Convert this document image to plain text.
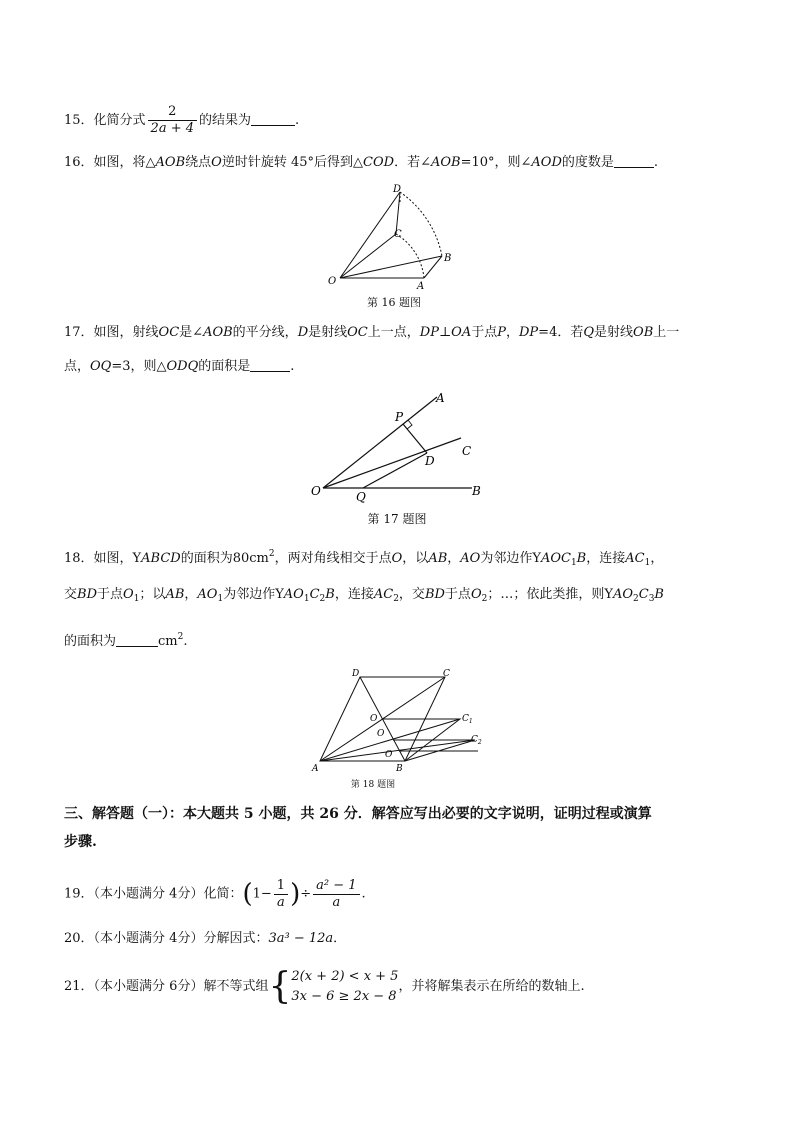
15．化简分式 $\frac{2}{2a + 4}$ 的结果为	.
16．如图，将△AOB绕点O逆时针旋转 45°后得到△COD．若∠AOB=10°，则∠AOD的度数是	.
D
C
B
O	A
第 16 题图
17．如图，射线OC是∠AOB的平分线，D是射线OC上一点，DP⊥OA于点P，DP=4．若Q是射线OB上一
点，OQ=3，则△ODQ的面积是	.
A
P
C
D
O	Q	B
第 17 题图
18．如图，YABCD的面积为$80cm^2$，两对角线相交于点O，以AB，AO为邻边作$YAOC_1B$，连接$AC_1$，
交BD于点$O_1$；以AB，$AO_1$为邻边作$YAO_1C_2B$，连接$AC_2$，交BD于点$O_2$；…；依此类推，则$YAO_2C_3B$
的面积为	$cm^2$.
D	C
O	$C_1$
O
$C_2$
O
A	B
第 18 题图
三、解答题（一）：本大题共 5 小题，共 26 分．解答应写出必要的文字说明，证明过程或演算
步骤.
19．（本小题满分 4分）化简：($1- \frac{1}{a}$ )÷ $\frac{\text{a² − 1}}{a}$ .
20．（本小题满分 4分）分解因式：3a³ − 12a．
21．（本小题满分 6分）解不等式组{ 2(x + 2) < x + 5
3x − 6 ≥ 2x − 8
，并将解集表示在所给的数轴上.
